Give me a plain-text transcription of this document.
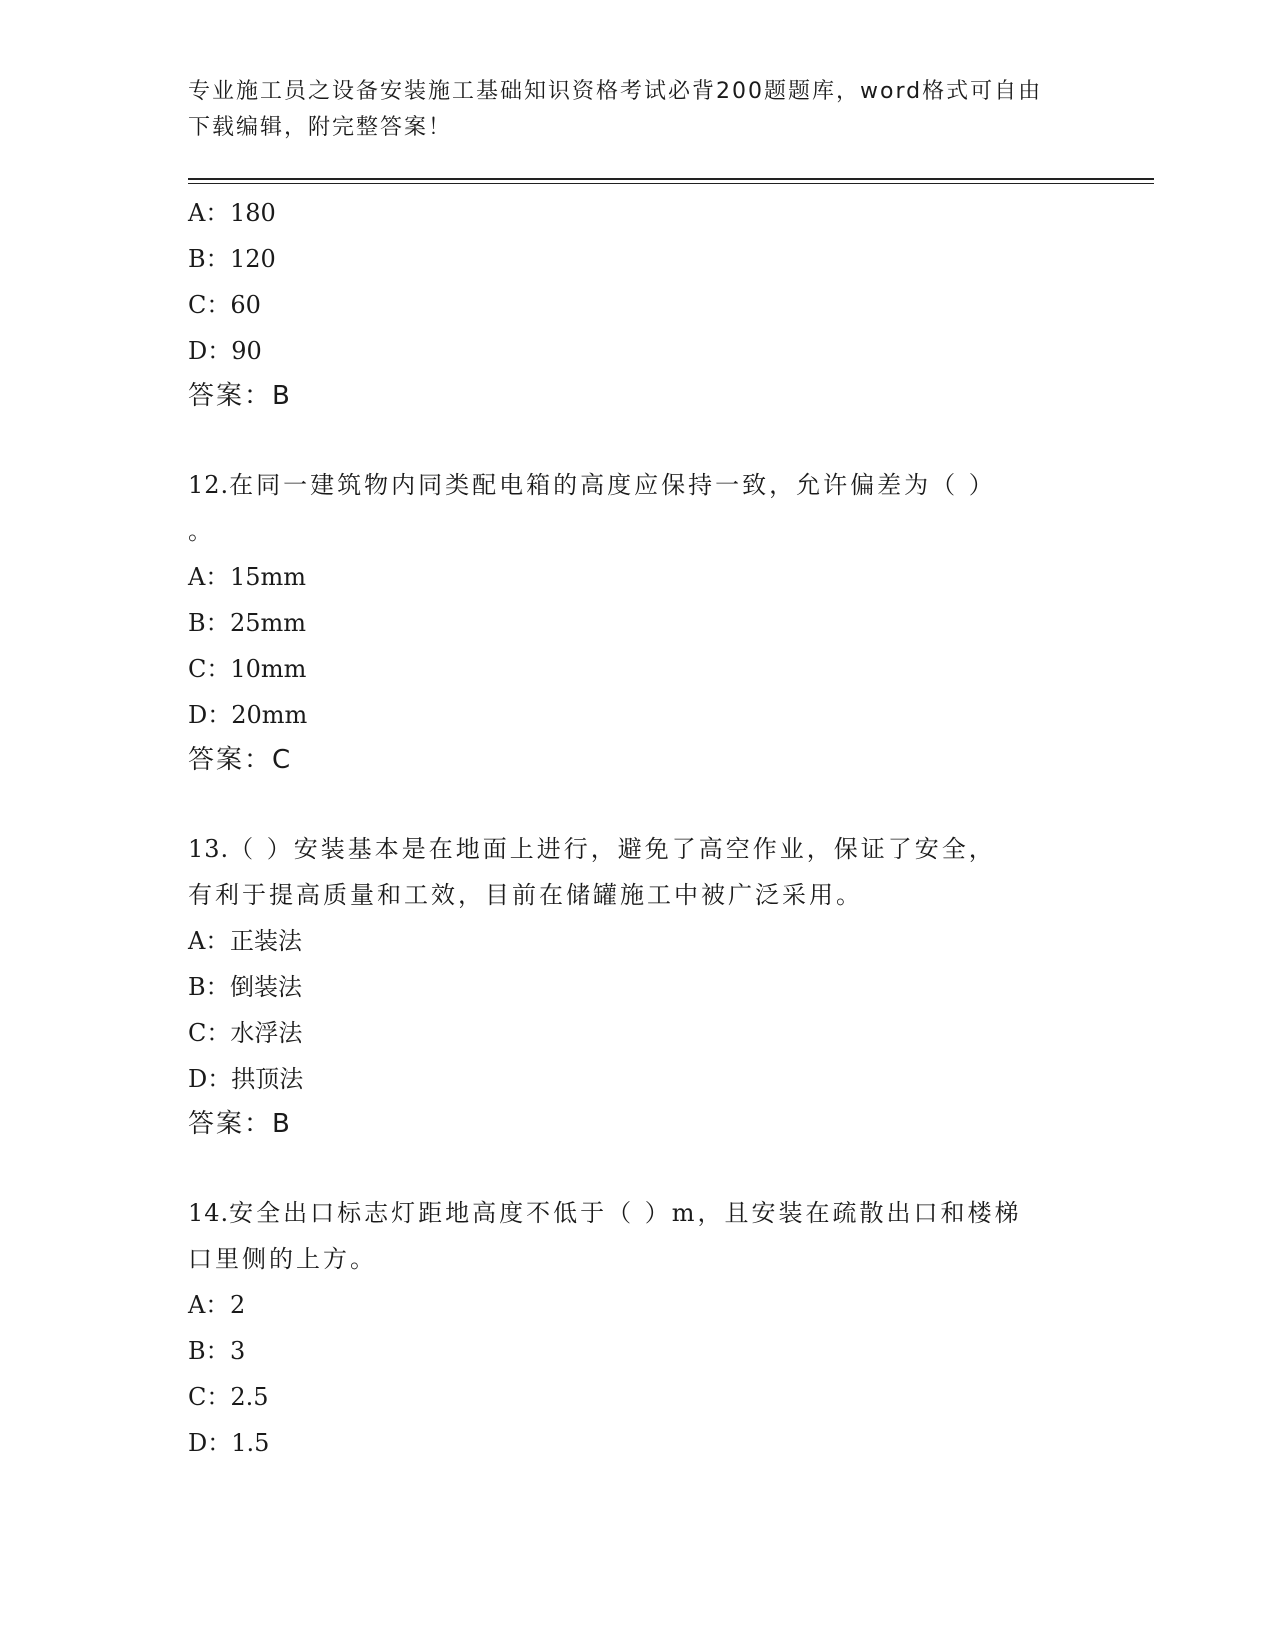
专业施工员之设备安装施工基础知识资格考试必背200题题库，word格式可自由
下载编辑，附完整答案！
A：180
B：120
C：60
D：90
答案：B
12.在同一建筑物内同类配电箱的高度应保持一致，允许偏差为（ ）
。
A：15mm
B：25mm
C：10mm
D：20mm
答案：C
13.（ ）安装基本是在地面上进行，避免了高空作业，保证了安全，
有利于提高质量和工效，目前在储罐施工中被广泛采用。
A：正装法
B：倒装法
C：水浮法
D：拱顶法
答案：B
14.安全出口标志灯距地高度不低于（ ）m，且安装在疏散出口和楼梯
口里侧的上方。
A：2
B：3
C：2.5
D：1.5
